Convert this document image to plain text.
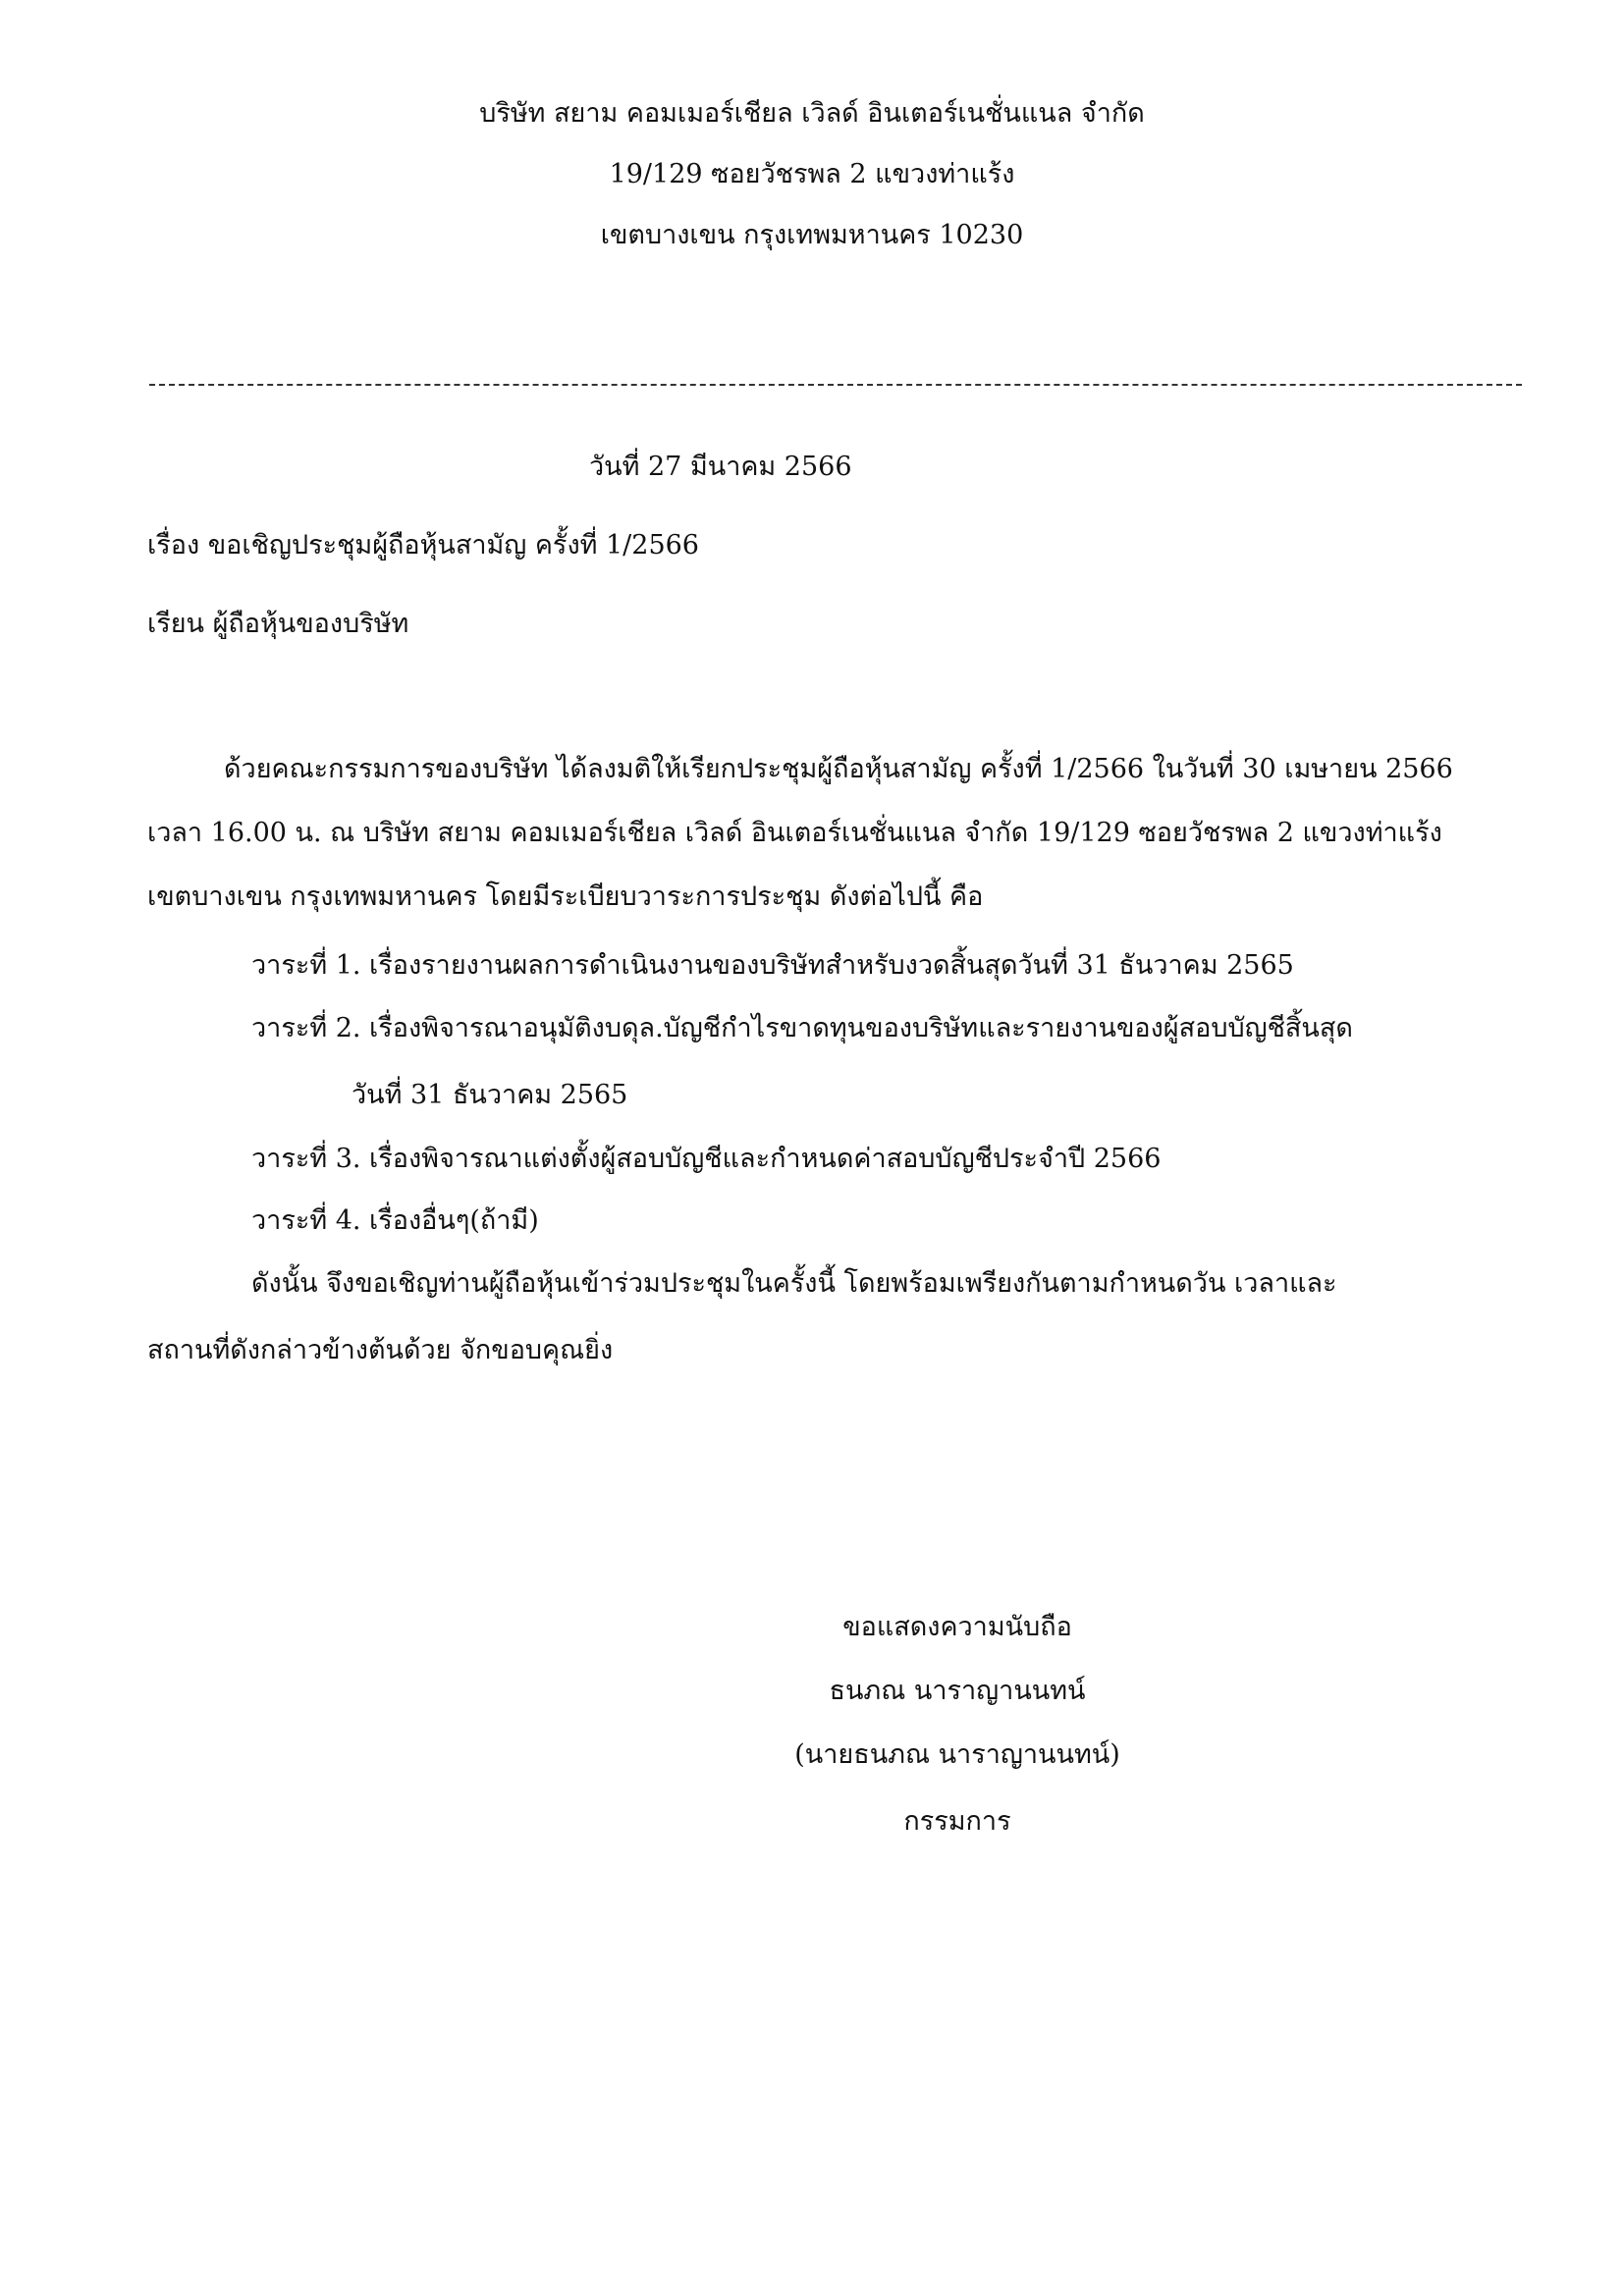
บริษัท สยาม คอมเมอร์เชียล เวิลด์ อินเตอร์เนชั่นแนล จำกัด
19/129 ซอยวัชรพล 2 แขวงท่าแร้ง
เขตบางเขน กรุงเทพมหานคร 10230
วันที่ 27 มีนาคม 2566
เรื่อง ขอเชิญประชุมผู้ถือหุ้นสามัญ ครั้งที่ 1/2566
เรียน ผู้ถือหุ้นของบริษัท
ด้วยคณะกรรมการของบริษัท ได้ลงมติให้เรียกประชุมผู้ถือหุ้นสามัญ ครั้งที่ 1/2566 ในวันที่ 30 เมษายน 2566
เวลา 16.00 น. ณ บริษัท สยาม คอมเมอร์เชียล เวิลด์ อินเตอร์เนชั่นแนล จำกัด 19/129 ซอยวัชรพล 2 แขวงท่าแร้ง
เขตบางเขน กรุงเทพมหานคร โดยมีระเบียบวาระการประชุม ดังต่อไปนี้ คือ
วาระที่ 1. เรื่องรายงานผลการดำเนินงานของบริษัทสำหรับงวดสิ้นสุดวันที่ 31 ธันวาคม 2565
วาระที่ 2. เรื่องพิจารณาอนุมัติงบดุล.บัญชีกำไรขาดทุนของบริษัทและรายงานของผู้สอบบัญชีสิ้นสุด
วันที่ 31 ธันวาคม 2565
วาระที่ 3. เรื่องพิจารณาแต่งตั้งผู้สอบบัญชีและกำหนดค่าสอบบัญชีประจำปี 2566
วาระที่ 4. เรื่องอื่นๆ(ถ้ามี)
ดังนั้น จึงขอเชิญท่านผู้ถือหุ้นเข้าร่วมประชุมในครั้งนี้ โดยพร้อมเพรียงกันตามกำหนดวัน เวลาและ
สถานที่ดังกล่าวข้างต้นด้วย จักขอบคุณยิ่ง
ขอแสดงความนับถือ
ธนภณ นาราญานนทน์
(นายธนภณ นาราญานนทน์)
กรรมการ
